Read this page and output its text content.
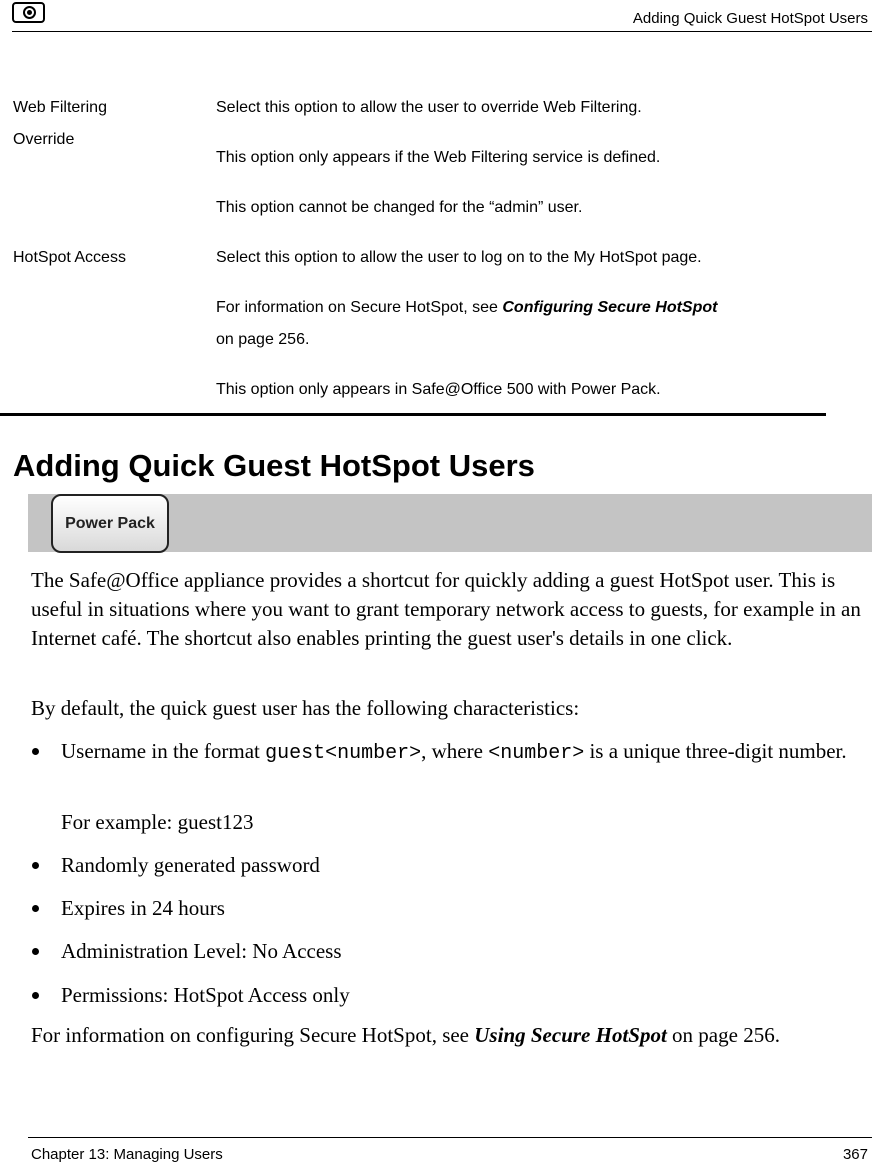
Adding Quick Guest HotSpot Users
Web Filtering
Override
Select this option to allow the user to override Web Filtering.
This option only appears if the Web Filtering service is defined.
This option cannot be changed for the “admin” user.
HotSpot Access	Select this option to allow the user to log on to the My HotSpot page.
For information on Secure HotSpot, see Configuring Secure HotSpot
on page 256.
This option only appears in Safe@Office 500 with Power Pack.
Adding Quick Guest HotSpot Users
Power Pack

The Safe@Office appliance provides a shortcut for quickly adding a guest HotSpot user. This is useful in situations where you want to grant temporary network access to guests, for example in an Internet café. The shortcut also enables printing the guest user's details in one click.

By default, the quick guest user has the following characteristics:

Username in the format guest<number>, where <number> is a unique three-digit number.
For example: guest123
Randomly generated password
Expires in 24 hours
Administration Level: No Access
Permissions: HotSpot Access only

For information on configuring Secure HotSpot, see Using Secure HotSpot on page 256.

Chapter 13: Managing Users	367
